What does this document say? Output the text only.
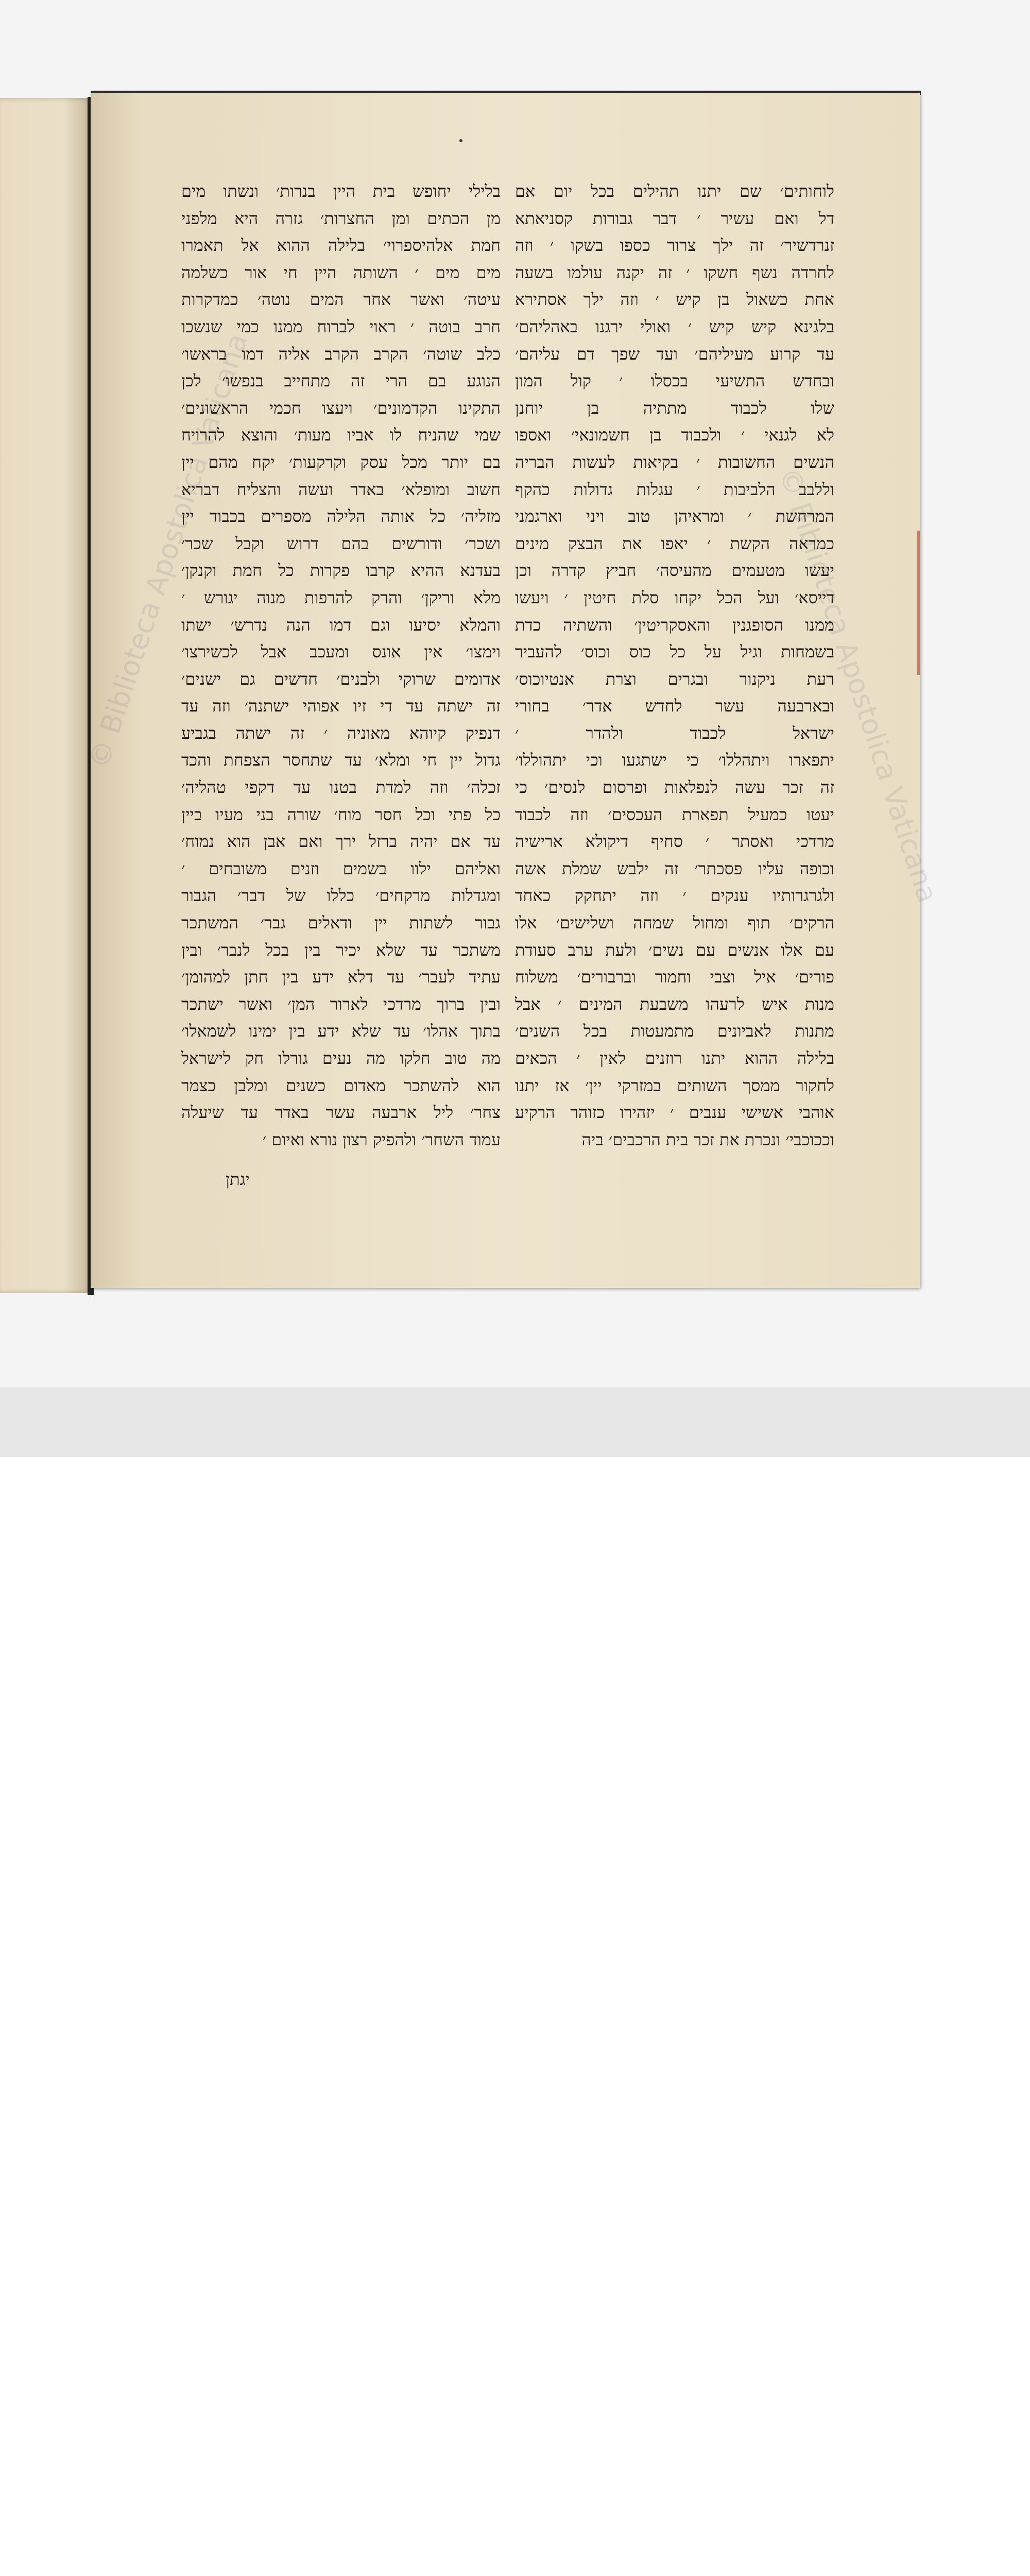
לוחותים׳ שם יתנו תהילים בכל יום אם
דל ואם עשיר ׳ דבר גבורות קסניאתא
זנרדשיר׳ זה ילך צרור כספו בשקו ׳ וזה
לחרדה נשף חשקו ׳ זה יקנה עולמו בשעה
אחת כשאול בן קיש ׳ וזה ילך אסתירא
בלגינא קיש קיש ׳ ואולי ירגנו באהליהם׳
עד קרוע מעיליהם׳ ועד שפך דם עליהם׳
ובחדש התשיעי בכסלו ׳ קול המון
שלו לכבוד מתתיה בן יוחנן
לא לגנאי ׳ ולכבוד בן חשמונאי׳ ואספו
הנשים החשובות ׳ בקיאות לעשות הבריה
וללבב הלביבות ׳ עגלות גדולות כהקף
המרחשת ׳ ומראיהן טוב ויני וארגמני
כמראה הקשת ׳ יאפו את הבצק מינים
יעשו מטעמים מהעיסה׳ חביץ קדרה וכן
דייסא׳ ועל הכל יקחו סלת חיטין ׳ ויעשו
ממנו הסופגנין והאסקריטין׳ והשתיה כדת
בשמחות וגיל על כל כוס וכוס׳ להעביר
רעת ניקנור ובגרים וצרת אנטיוכוס׳
ובארבעה עשר לחדש אדר׳ בחורי
ישראל לכבוד ולהדר ׳
יתפארו ויתהללו׳ כי ישתגעו וכי יתהוללו׳
זה זכר עשה לנפלאות ופרסום לנסים׳ כי
יעטו כמעיל תפארת העכסים׳ וזה לכבוד
מרדכי ואסתר ׳ סחיף דיקולא ארישיה
וכופה עליו פסכתר׳ זה ילבש שמלת אשה
ולגרגרותיו ענקים ׳ וזה יתחקק כאחד
הרקים׳ תוף ומחול שמחה ושלישים׳ אלו
עם אלו אנשים עם נשים׳ ולעת ערב סעודת
פורים׳ איל וצבי וחמור וברבורים׳ משלוח
מנות איש לרעהו משבעת המינים ׳ אבל
מתנות לאביונים מתמעטות בכל השנים׳
בלילה ההוא יתנו רוזנים לאין ׳ הכאים
לחקור ממסך השותים במזרקי יין׳ אז יתנו
אוהבי אשישי ענבים ׳ יזהירו כזוהר הרקיע
וככוכבי׳ ונכרת את זכר בית הרכבים׳ ביה
בלילי יחופש בית היין בנרות׳ ונשתו מים
מן הכתים ומן החצרות׳ גזרה היא מלפני
חמת אלהיספרוי׳ בלילה ההוא אל תאמרו
מים מים ׳ השותה היין חי אור כשלמה
עיטה׳ ואשר אחר המים נוטה׳ כמדקרות
חרב בוטה ׳ ראוי לברוח ממנו כמי שנשכו
כלב שוטה׳ הקרב הקרב אליה דמו בראשו׳
הנוגע בם הרי זה מתחייב בנפשו׳ לכן
התקינו הקדמונים׳ ויעצו חכמי הראשונים׳
שמי שהניח לו אביו מעות׳ והוצא להרויח
בם יותר מכל עסק וקרקעות׳ יקח מהם יין
חשוב ומופלא׳ באדר ועשה והצליח דבריא
מזליה׳ כל אותה הלילה מספרים בכבוד יין
ושכר׳ ודורשים בהם דרוש וקבל שכר׳
בעדנא ההיא קרבו פקרות כל חמת וקנקן׳
מלא וריקן׳ והרק להרפות מנוה יגורש ׳
והמלא יסיעו וגם דמו הנה נדרש׳ ישתו
וימצו׳ אין אונס ומעכב אבל לכשירצו׳
אדומים שרוקי ולבנים׳ חדשים גם ישנים׳
זה ישתה עד די זיו אפוהי ישתנה׳ וזה עד
דנפיק קיוהא מאוניה ׳ זה ישתה בגביע
גדול יין חי ומלא׳ עד שתחסר הצפחת והכד
זכלה׳ וזה למדת בטנו עד דקפי טהליה׳
כל פתי וכל חסר מוח׳ שורה בני מעיו ביין
עד אם יהיה ברזל ירך ואם אבן הוא נמוח׳
ואליהם ילוו בשמים וזנים משובחים ׳
ומגדלות מרקחים׳ כללו של דבר׳ הגבור
גבור לשתות יין ודאלים גבר׳ המשתכר
משתכר עד שלא יכיר בין בכל לנבר׳ ובין
עתיד לעבר׳ עד דלא ידע בין חתן למהומן׳
ובין ברוך מרדכי לארור המן׳ ואשר ישתכר
בתוך אהלו׳ עד שלא ידע בין ימינו לשמאלו׳
מה טוב חלקו מה נעים גורלו חק לישראל
הוא להשתכר מאדום כשנים ומלבן כצמר
צחר׳ ליל ארבעה עשר באדר עד שיעלה
עמוד השחר׳ ולהפיק רצון נורא ואיום ׳
יגתן
